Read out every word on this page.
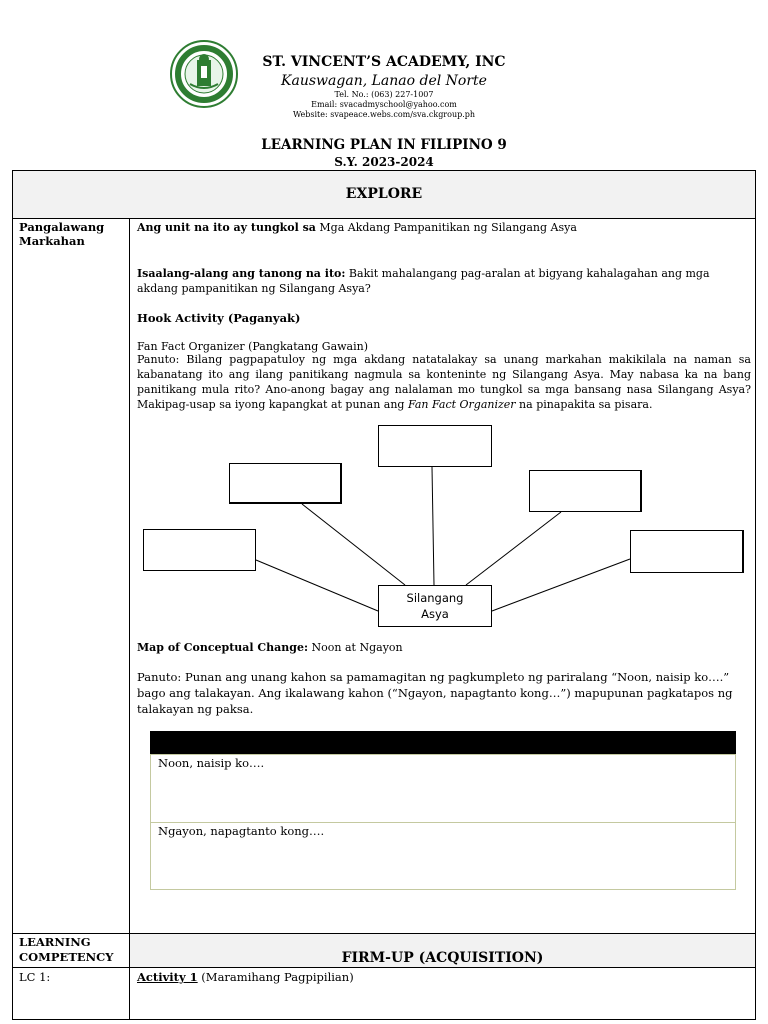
ST. VINCENT’S ACADEMY, INC
Kauswagan, Lanao del Norte
Tel. No.: (063) 227-1007
Email: svacadmyschool@yahoo.com
Website: svapeace.webs.com/sva.ckgroup.ph
LEARNING PLAN IN FILIPINO 9
S.Y. 2023-2024
EXPLORE
Pangalawang Markahan
Ang unit na ito ay tungkol sa Mga Akdang Pampanitikan ng Silangang Asya
Isaalang-alang ang tanong na ito: Bakit mahalangang pag-aralan at bigyang kahalagahan ang mga akdang pampanitikan ng Silangang Asya?
Hook Activity (Paganyak)
Fan Fact Organizer (Pangkatang Gawain)
Panuto: Bilang pagpapatuloy ng mga akdang natatalakay sa unang markahan makikilala na naman sa kabanatang ito ang ilang panitikang nagmula sa konteninte ng Silangang Asya. May nabasa ka na bang panitikang mula rito? Ano-anong bagay ang nalalaman mo tungkol sa mga bansang nasa Silangang Asya? Makipag-usap sa iyong kapangkat at punan ang Fan Fact Organizer na pinapakita sa pisara.
Silangang
Asya
Map of Conceptual Change: Noon at Ngayon
Panuto: Punan ang unang kahon sa pamamagitan ng pagkumpleto ng pariralang “Noon, naisip ko….” bago ang talakayan. Ang ikalawang kahon (“Ngayon, napagtanto kong…”) mapupunan pagkatapos ng talakayan ng paksa.
Noon, naisip ko….
Ngayon, napagtanto kong….
LEARNING
COMPETENCY	FIRM-UP (ACQUISITION)
LC 1:	Activity 1 (Maramihang Pagpipilian)
